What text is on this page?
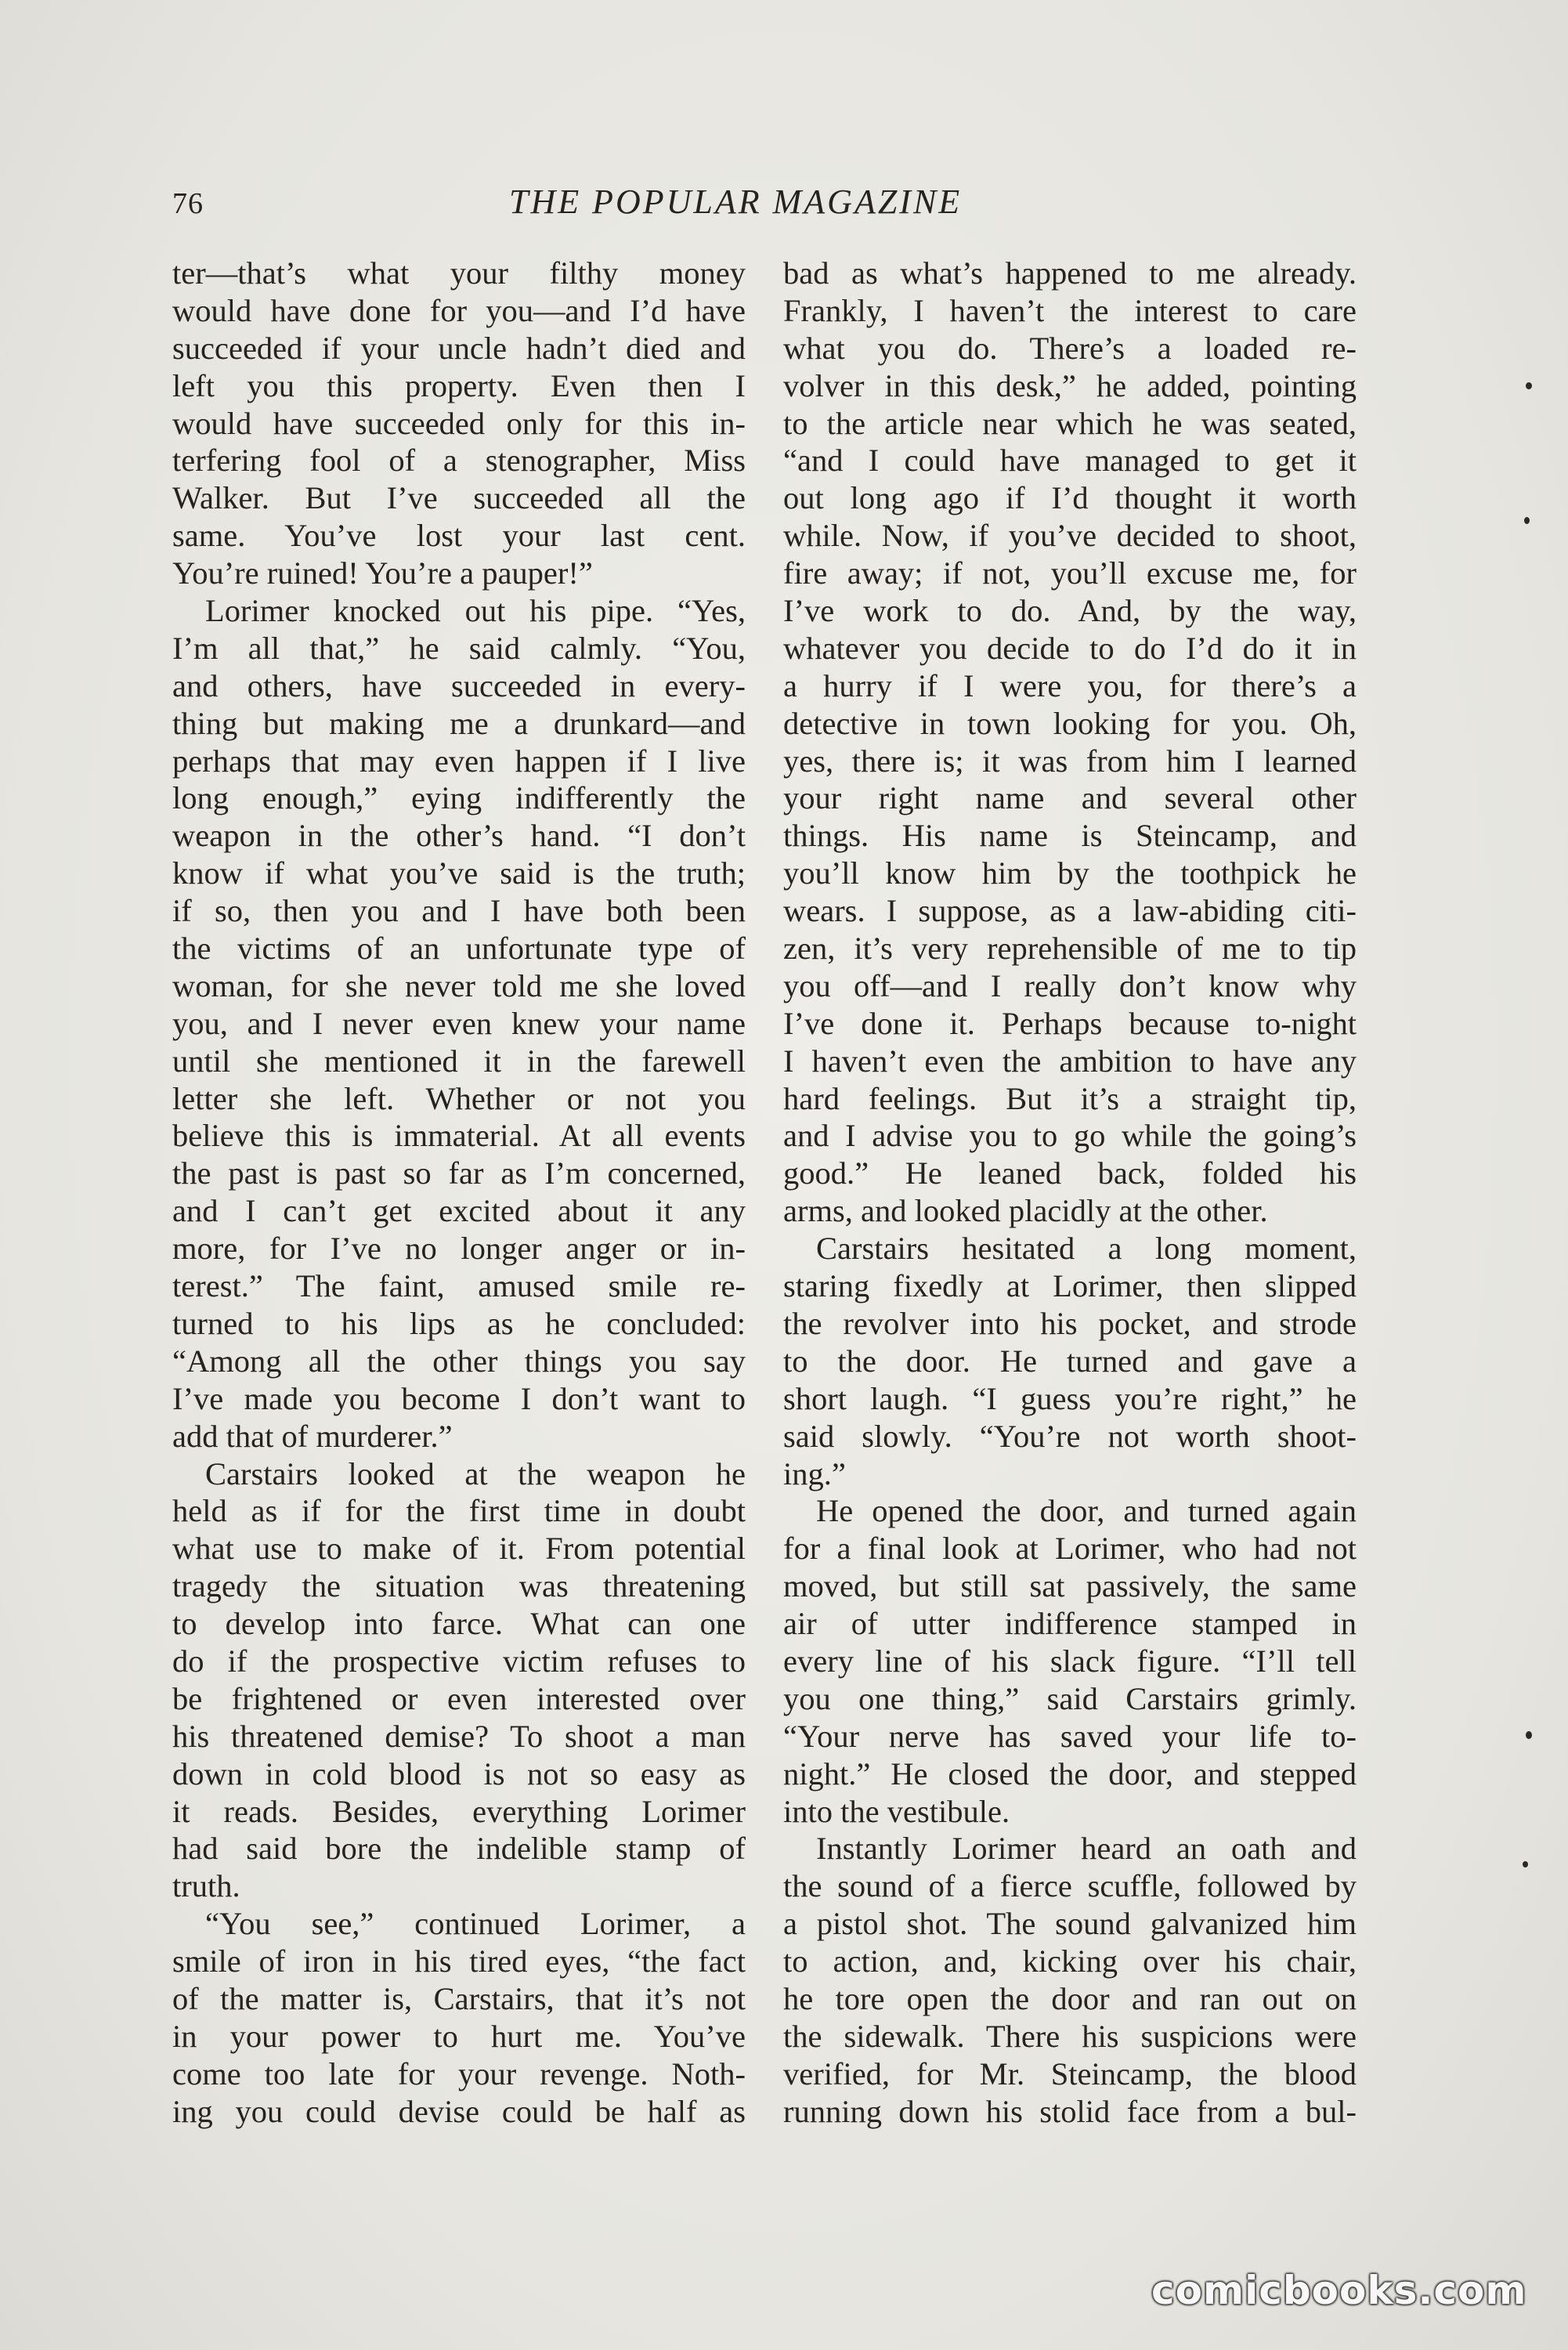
76	THE POPULAR MAGAZINE
ter—that’s what your filthy money
would have done for you—and I’d have
succeeded if your uncle hadn’t died and
left you this property. Even then I
would have succeeded only for this in-
terfering fool of a stenographer, Miss
Walker. But I’ve succeeded all the
same. You’ve lost your last cent.
You’re ruined! You’re a pauper!”
Lorimer knocked out his pipe. “Yes,
I’m all that,” he said calmly. “You,
and others, have succeeded in every-
thing but making me a drunkard—and
perhaps that may even happen if I live
long enough,” eying indifferently the
weapon in the other’s hand. “I don’t
know if what you’ve said is the truth;
if so, then you and I have both been
the victims of an unfortunate type of
woman, for she never told me she loved
you, and I never even knew your name
until she mentioned it in the farewell
letter she left. Whether or not you
believe this is immaterial. At all events
the past is past so far as I’m concerned,
and I can’t get excited about it any
more, for I’ve no longer anger or in-
terest.” The faint, amused smile re-
turned to his lips as he concluded:
“Among all the other things you say
I’ve made you become I don’t want to
add that of murderer.”
Carstairs looked at the weapon he
held as if for the first time in doubt
what use to make of it. From potential
tragedy the situation was threatening
to develop into farce. What can one
do if the prospective victim refuses to
be frightened or even interested over
his threatened demise? To shoot a man
down in cold blood is not so easy as
it reads. Besides, everything Lorimer
had said bore the indelible stamp of
truth.
“You see,” continued Lorimer, a
smile of iron in his tired eyes, “the fact
of the matter is, Carstairs, that it’s not
in your power to hurt me. You’ve
come too late for your revenge. Noth-
ing you could devise could be half as
bad as what’s happened to me already.
Frankly, I haven’t the interest to care
what you do. There’s a loaded re-
volver in this desk,” he added, pointing
to the article near which he was seated,
“and I could have managed to get it
out long ago if I’d thought it worth
while. Now, if you’ve decided to shoot,
fire away; if not, you’ll excuse me, for
I’ve work to do. And, by the way,
whatever you decide to do I’d do it in
a hurry if I were you, for there’s a
detective in town looking for you. Oh,
yes, there is; it was from him I learned
your right name and several other
things. His name is Steincamp, and
you’ll know him by the toothpick he
wears. I suppose, as a law-abiding citi-
zen, it’s very reprehensible of me to tip
you off—and I really don’t know why
I’ve done it. Perhaps because to-night
I haven’t even the ambition to have any
hard feelings. But it’s a straight tip,
and I advise you to go while the going’s
good.” He leaned back, folded his
arms, and looked placidly at the other.
Carstairs hesitated a long moment,
staring fixedly at Lorimer, then slipped
the revolver into his pocket, and strode
to the door. He turned and gave a
short laugh. “I guess you’re right,” he
said slowly. “You’re not worth shoot-
ing.”
He opened the door, and turned again
for a final look at Lorimer, who had not
moved, but still sat passively, the same
air of utter indifference stamped in
every line of his slack figure. “I’ll tell
you one thing,” said Carstairs grimly.
“Your nerve has saved your life to-
night.” He closed the door, and stepped
into the vestibule.
Instantly Lorimer heard an oath and
the sound of a fierce scuffle, followed by
a pistol shot. The sound galvanized him
to action, and, kicking over his chair,
he tore open the door and ran out on
the sidewalk. There his suspicions were
verified, for Mr. Steincamp, the blood
running down his stolid face from a bul-
comicbooks.com
